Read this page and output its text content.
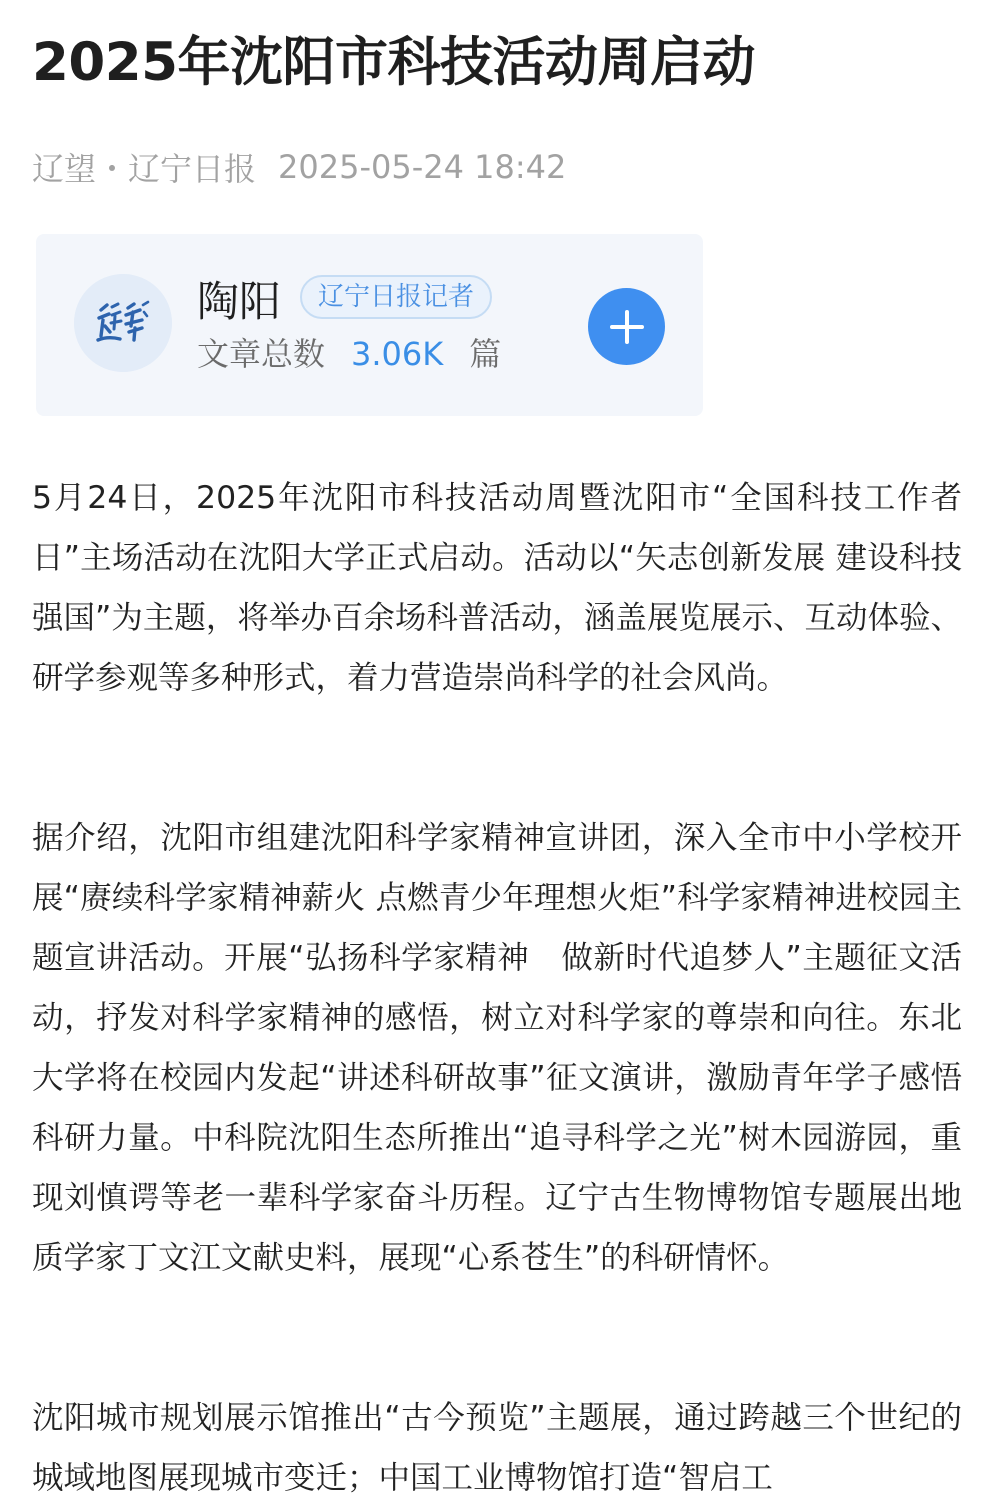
2025年沈阳市科技活动周启动
辽望・辽宁日报 2025-05-24 18:42
陶阳	辽宁日报记者
文章总数 3.06K 篇

5月24日，2025年沈阳市科技活动周暨沈阳市“全国科技工作者日”主场活动在沈阳大学正式启动。活动以“矢志创新发展 建设科技强国”为主题，将举办百余场科普活动，涵盖展览展示、互动体验、研学参观等多种形式，着力营造崇尚科学的社会风尚。

据介绍，沈阳市组建沈阳科学家精神宣讲团，深入全市中小学校开展“赓续科学家精神薪火 点燃青少年理想火炬”科学家精神进校园主题宣讲活动。开展“弘扬科学家精神　做新时代追梦人”主题征文活动，抒发对科学家精神的感悟，树立对科学家的尊崇和向往。东北大学将在校园内发起“讲述科研故事”征文演讲，激励青年学子感悟科研力量。中科院沈阳生态所推出“追寻科学之光”树木园游园，重现刘慎谔等老一辈科学家奋斗历程。辽宁古生物博物馆专题展出地质学家丁文江文献史料，展现“心系苍生”的科研情怀。

沈阳城市规划展示馆推出“古今预览”主题展，通过跨越三个世纪的城域地图展现城市变迁；中国工业博物馆打造“智启工
